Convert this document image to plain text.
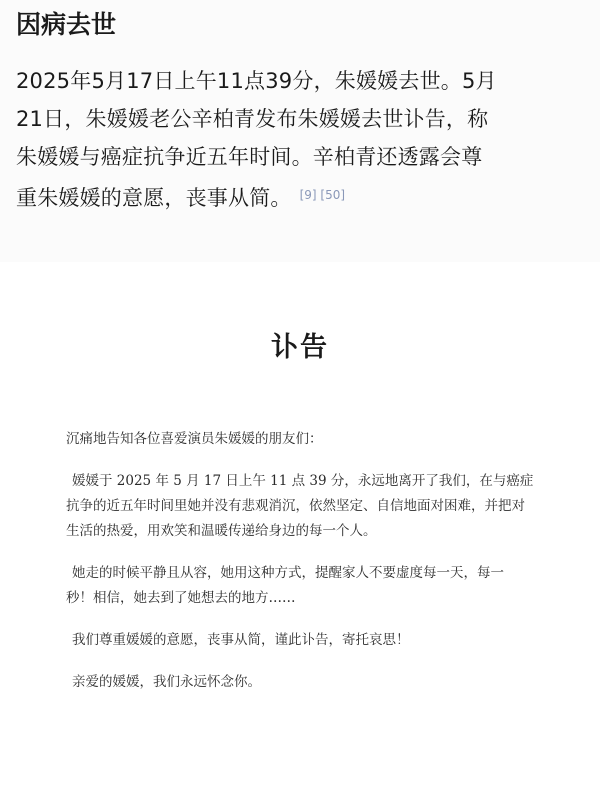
因病去世
2025年5月17日上午11点39分，朱媛媛去世。5月
21日，朱媛媛老公辛柏青发布朱媛媛去世讣告，称
朱媛媛与癌症抗争近五年时间。辛柏青还透露会尊
重朱媛媛的意愿，丧事从简。 [9] [50]
讣告
沉痛地告知各位喜爱演员朱媛媛的朋友们：
媛媛于 2025 年 5 月 17 日上午 11 点 39 分，永远地离开了我们，在与癌症
抗争的近五年时间里她并没有悲观消沉，依然坚定、自信地面对困难，并把对
生活的热爱，用欢笑和温暖传递给身边的每一个人。
她走的时候平静且从容，她用这种方式，提醒家人不要虚度每一天，每一
秒！相信，她去到了她想去的地方……
我们尊重媛媛的意愿，丧事从简，谨此讣告，寄托哀思！
亲爱的媛媛，我们永远怀念你。
